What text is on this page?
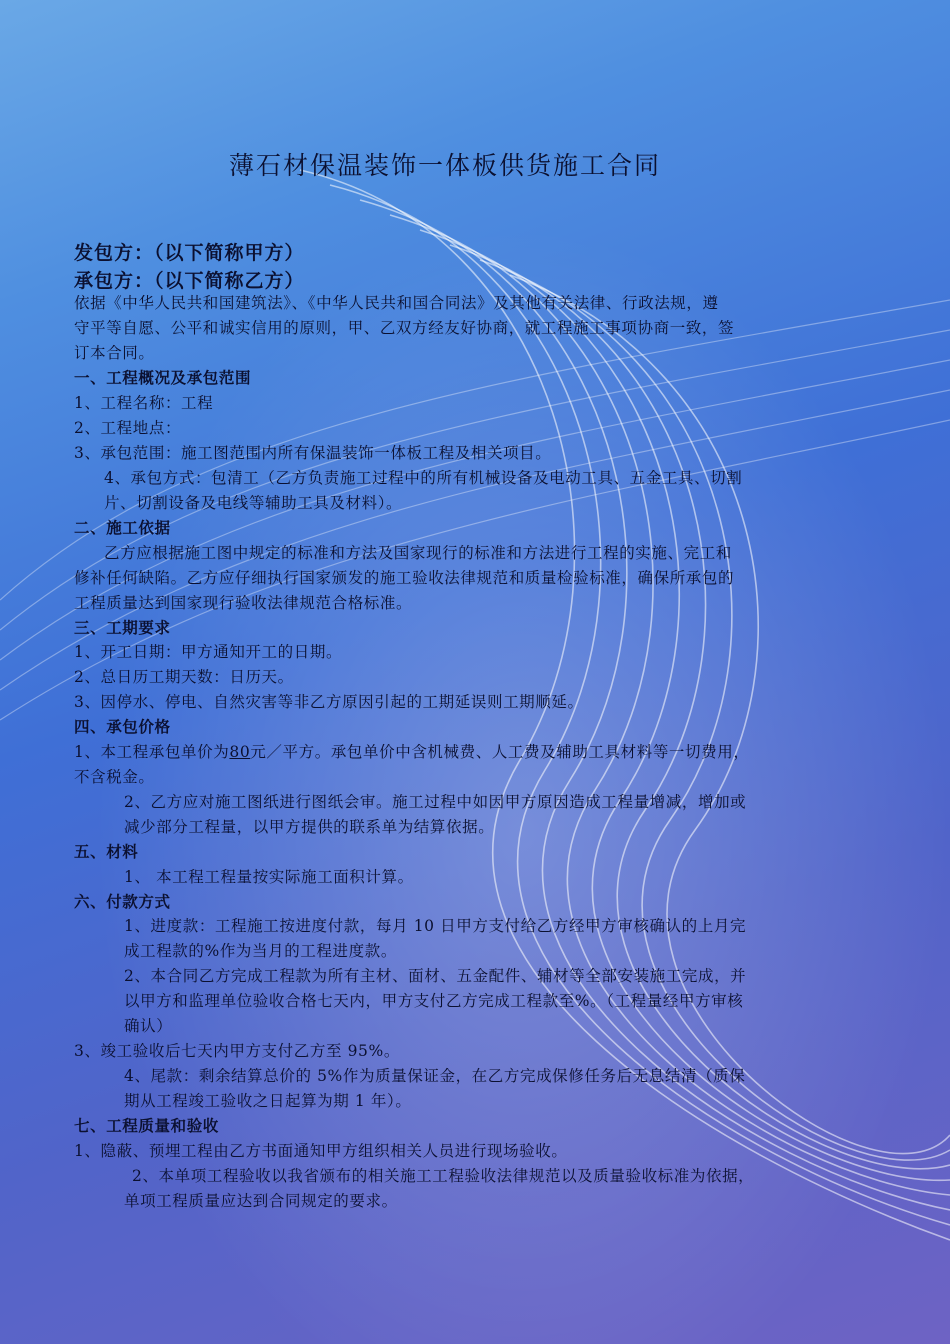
薄石材保温装饰一体板供货施工合同
发包方：（以下简称甲方）
承包方：（以下简称乙方）
依据《中华人民共和国建筑法》、《中华人民共和国合同法》及其他有关法律、行政法规，遵
守平等自愿、公平和诚实信用的原则，甲、乙双方经友好协商，就工程施工事项协商一致，签
订本合同。
一、工程概况及承包范围
1、工程名称：工程
2、工程地点：
3、承包范围：施工图范围内所有保温装饰一体板工程及相关项目。
4、承包方式：包清工（乙方负责施工过程中的所有机械设备及电动工具、五金工具、切割
片、切割设备及电线等辅助工具及材料）。
二、施工依据
乙方应根据施工图中规定的标准和方法及国家现行的标准和方法进行工程的实施、完工和
修补任何缺陷。乙方应仔细执行国家颁发的施工验收法律规范和质量检验标准，确保所承包的
工程质量达到国家现行验收法律规范合格标准。
三、工期要求
1、开工日期：甲方通知开工的日期。
2、总日历工期天数：日历天。
3、因停水、停电、自然灾害等非乙方原因引起的工期延误则工期顺延。
四、承包价格
1、本工程承包单价为80元／平方。承包单价中含机械费、人工费及辅助工具材料等一切费用，
不含税金。
2、乙方应对施工图纸进行图纸会审。施工过程中如因甲方原因造成工程量增减，增加或
减少部分工程量，以甲方提供的联系单为结算依据。
五、材料
1、 本工程工程量按实际施工面积计算。
六、付款方式
1、进度款：工程施工按进度付款，每月 10 日甲方支付给乙方经甲方审核确认的上月完
成工程款的%作为当月的工程进度款。
2、本合同乙方完成工程款为所有主材、面材、五金配件、辅材等全部安装施工完成，并
以甲方和监理单位验收合格七天内，甲方支付乙方完成工程款至%。（工程量经甲方审核
确认）
3、竣工验收后七天内甲方支付乙方至 95%。
4、尾款：剩余结算总价的 5%作为质量保证金，在乙方完成保修任务后无息结清（质保
期从工程竣工验收之日起算为期 1 年）。
七、工程质量和验收
1、隐蔽、预埋工程由乙方书面通知甲方组织相关人员进行现场验收。
2、本单项工程验收以我省颁布的相关施工工程验收法律规范以及质量验收标准为依据，
单项工程质量应达到合同规定的要求。
